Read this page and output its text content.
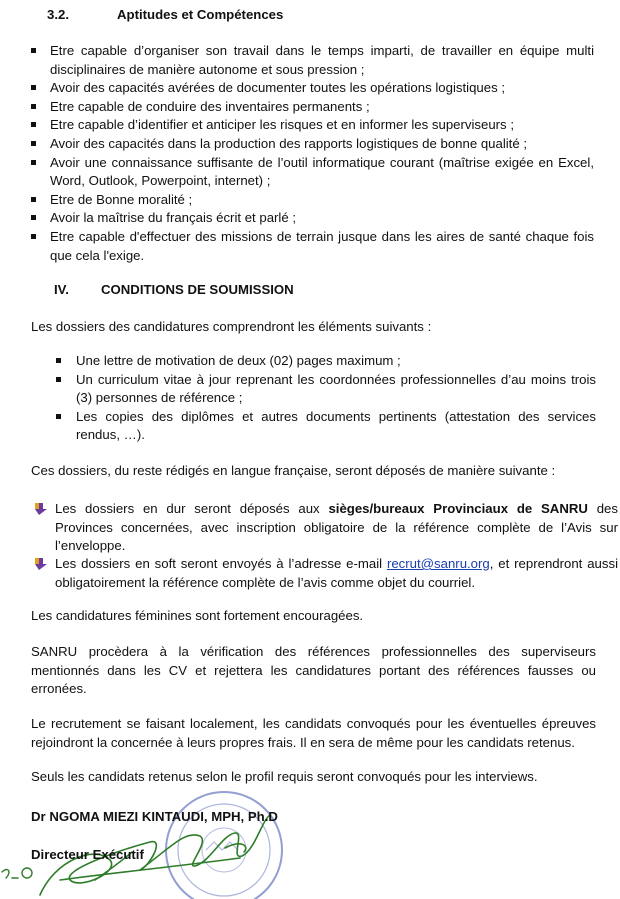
3.2.	Aptitudes et Compétences
Etre capable d’organiser son travail dans le temps imparti, de travailler en équipe multi disciplinaires de manière autonome et sous pression ;
Avoir des capacités avérées de documenter toutes les opérations logistiques ;
Etre capable de conduire des inventaires permanents ;
Etre capable d’identifier et anticiper les risques et en informer les superviseurs ;
Avoir des capacités dans la production des rapports logistiques de bonne qualité ;
Avoir une connaissance suffisante de l’outil informatique courant (maîtrise exigée en Excel, Word, Outlook, Powerpoint, internet) ;
Etre de Bonne moralité ;
Avoir la maîtrise du français écrit et parlé ;
Etre capable d'effectuer des missions de terrain jusque dans les aires de santé chaque fois que cela l'exige.
IV. CONDITIONS DE SOUMISSION

Les dossiers des candidatures comprendront les éléments suivants :

Une lettre de motivation de deux (02) pages maximum ;
Un curriculum vitae à jour reprenant les coordonnées professionnelles d’au moins trois (3) personnes de référence ;
Les copies des diplômes et autres documents pertinents (attestation des services rendus, …).

Ces dossiers, du reste rédigés en langue française, seront déposés de manière suivante :

Les dossiers en dur seront déposés aux sièges/bureaux Provinciaux de SANRU des Provinces concernées, avec inscription obligatoire de la référence complète de l’Avis sur l’enveloppe.
Les dossiers en soft seront envoyés à l’adresse e-mail recrut@sanru.org, et reprendront aussi obligatoirement la référence complète de l’avis comme objet du courriel.

Les candidatures féminines sont fortement encouragées.

SANRU procèdera à la vérification des références professionnelles des superviseurs mentionnés dans les CV et rejettera les candidatures portant des références fausses ou erronées.

Le recrutement se faisant localement, les candidats convoqués pour les éventuelles épreuves rejoindront la concernée à leurs propres frais. Il en sera de même pour les candidats retenus.

Seuls les candidats retenus selon le profil requis seront convoqués pour les interviews.

Dr NGOMA MIEZI KINTAUDI, MPH, Ph.D

Directeur Exécutif
